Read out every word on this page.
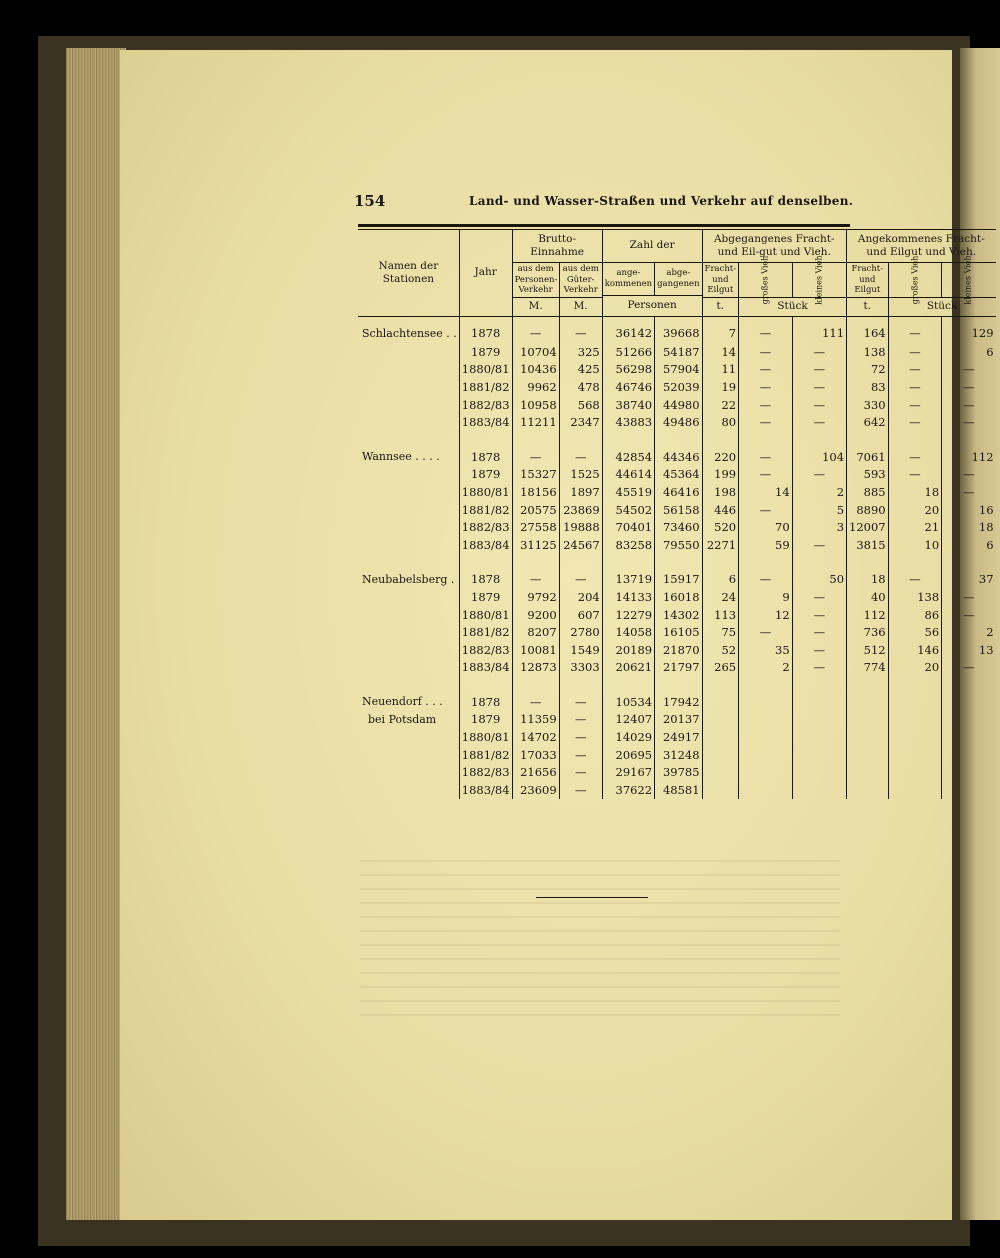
154	Land- und Wasser-Straßen und Verkehr auf denselben.
Namen der Stationen	Jahr	Brutto-Einnahme		Zahl der		Abgegangenes Fracht- und Eil-gut und Vieh.			Angekommenes Fracht- und Eilgut und Vieh.		
		aus dem Personen-Verkehr	aus dem Güter-Verkehr	ange-kommenen	abge-gangenen	Fracht- und Eilgut	großes Vieh	kleines Vieh	Fracht- und Eilgut	großes Vieh	kleines Vieh
				Personen							
		M.	M.			t.	Stück		t.	Stück	
Schlachtensee . .	1878	—	—	36142	39668	7	—	111	164	—	129
	1879	10704	325	51266	54187	14	—	—	138	—	6
	1880/81	10436	425	56298	57904	11	—	—	72	—	—
	1881/82	9962	478	46746	52039	19	—	—	83	—	—
	1882/83	10958	568	38740	44980	22	—	—	330	—	—
	1883/84	11211	2347	43883	49486	80	—	—	642	—	—

Wannsee . . . .	1878	—	—	42854	44346	220	—	104	7061	—	112
	1879	15327	1525	44614	45364	199	—	—	593	—	—
	1880/81	18156	1897	45519	46416	198	14	2	885	18	—
	1881/82	20575	23869	54502	56158	446	—	5	8890	20	16
	1882/83	27558	19888	70401	73460	520	70	3	12007	21	18
	1883/84	31125	24567	83258	79550	2271	59	—	3815	10	6

Neubabelsberg .	1878	—	—	13719	15917	6	—	50	18	—	37
	1879	9792	204	14133	16018	24	9	—	40	138	—
	1880/81	9200	607	12279	14302	113	12	—	112	86	—
	1881/82	8207	2780	14058	16105	75	—	—	736	56	2
	1882/83	10081	1549	20189	21870	52	35	—	512	146	13
	1883/84	12873	3303	20621	21797	265	2	—	774	20	—

Neuendorf . . .	1878	—	—	10534	17942						
bei Potsdam	1879	11359	—	12407	20137						
	1880/81	14702	—	14029	24917						
	1881/82	17033	—	20695	31248						
	1882/83	21656	—	29167	39785						
	1883/84	23609	—	37622	48581						
